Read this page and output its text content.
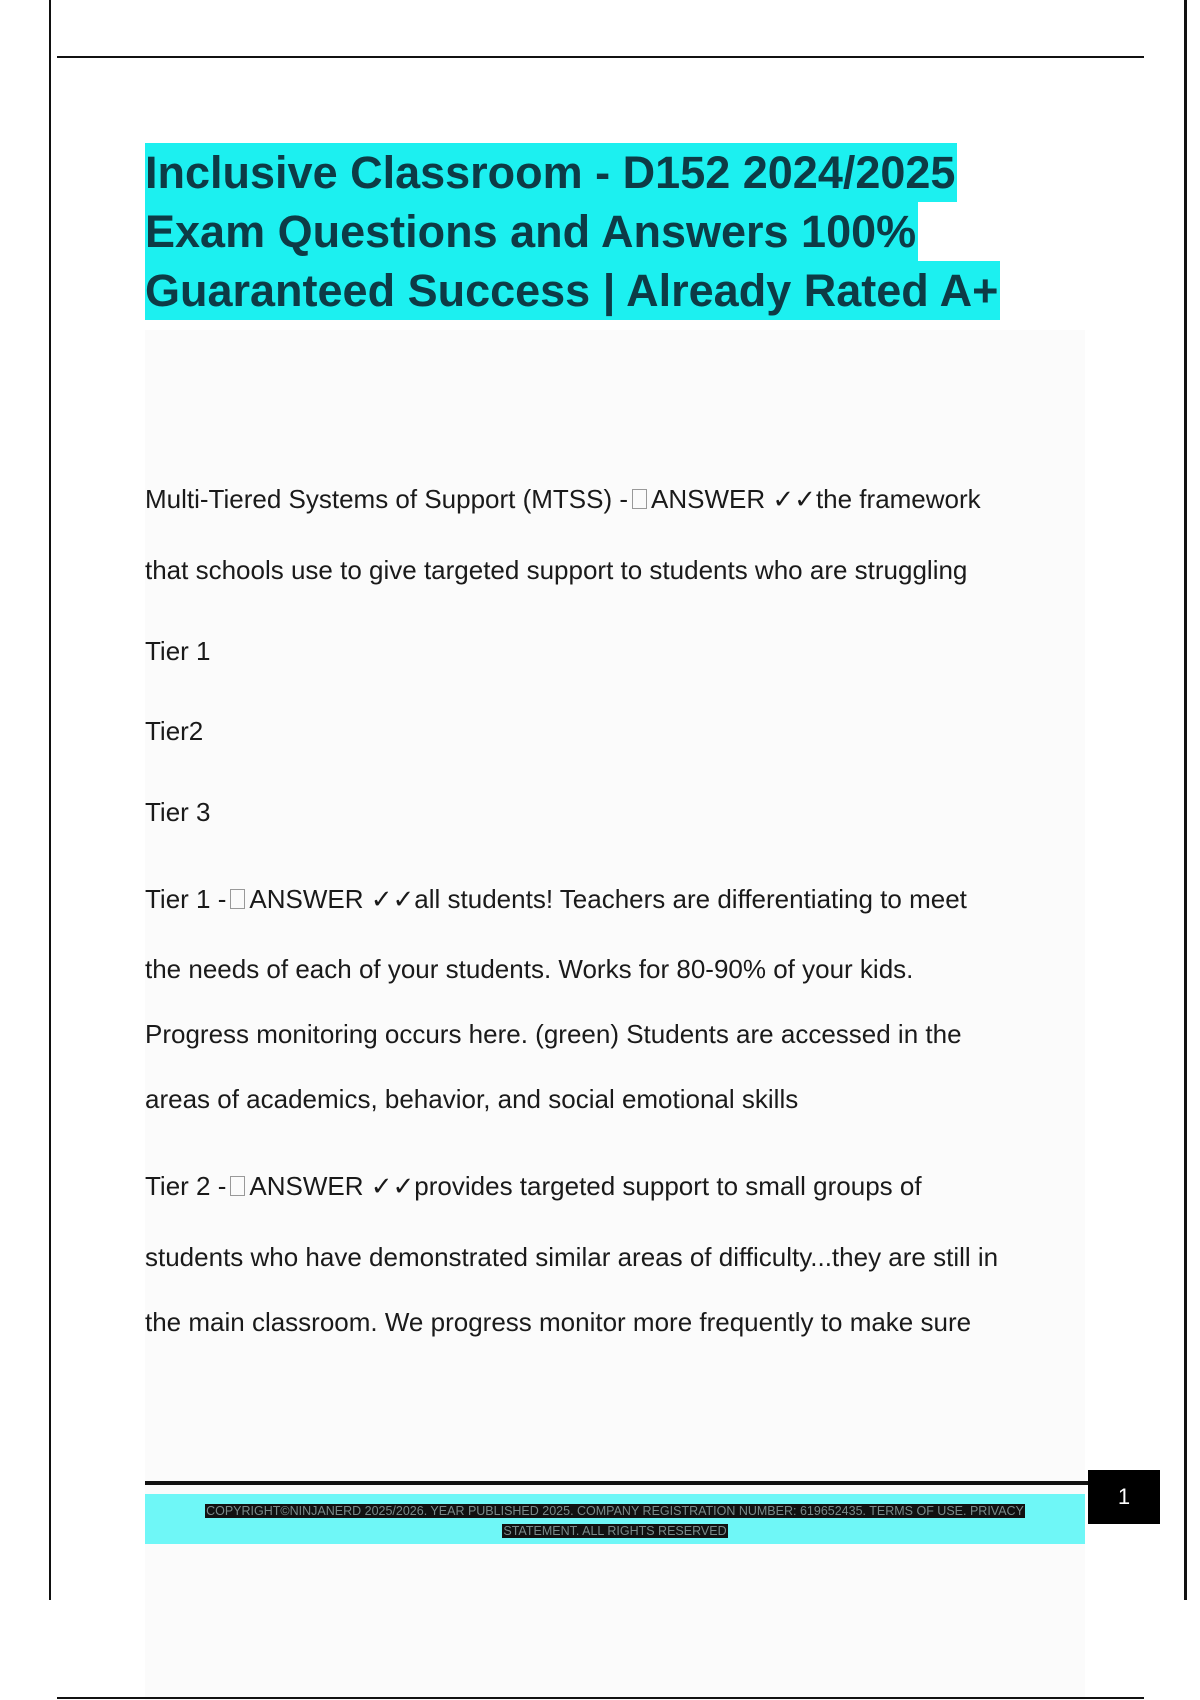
Inclusive Classroom - D152 2024/2025
Exam Questions and Answers 100%
Guaranteed Success | Already Rated A+
Multi-Tiered Systems of Support (MTSS) - ANSWER ✓✓the framework
that schools use to give targeted support to students who are struggling
Tier 1
Tier2
Tier 3
Tier 1 - ANSWER ✓✓all students! Teachers are differentiating to meet
the needs of each of your students. Works for 80-90% of your kids.
Progress monitoring occurs here. (green) Students are accessed in the
areas of academics, behavior, and social emotional skills
Tier 2 - ANSWER ✓✓provides targeted support to small groups of
students who have demonstrated similar areas of difficulty...they are still in
the main classroom. We progress monitor more frequently to make sure
COPYRIGHT©NINJANERD 2025/2026. YEAR PUBLISHED 2025. COMPANY REGISTRATION NUMBER: 619652435. TERMS OF USE. PRIVACY
STATEMENT. ALL RIGHTS RESERVED
1
